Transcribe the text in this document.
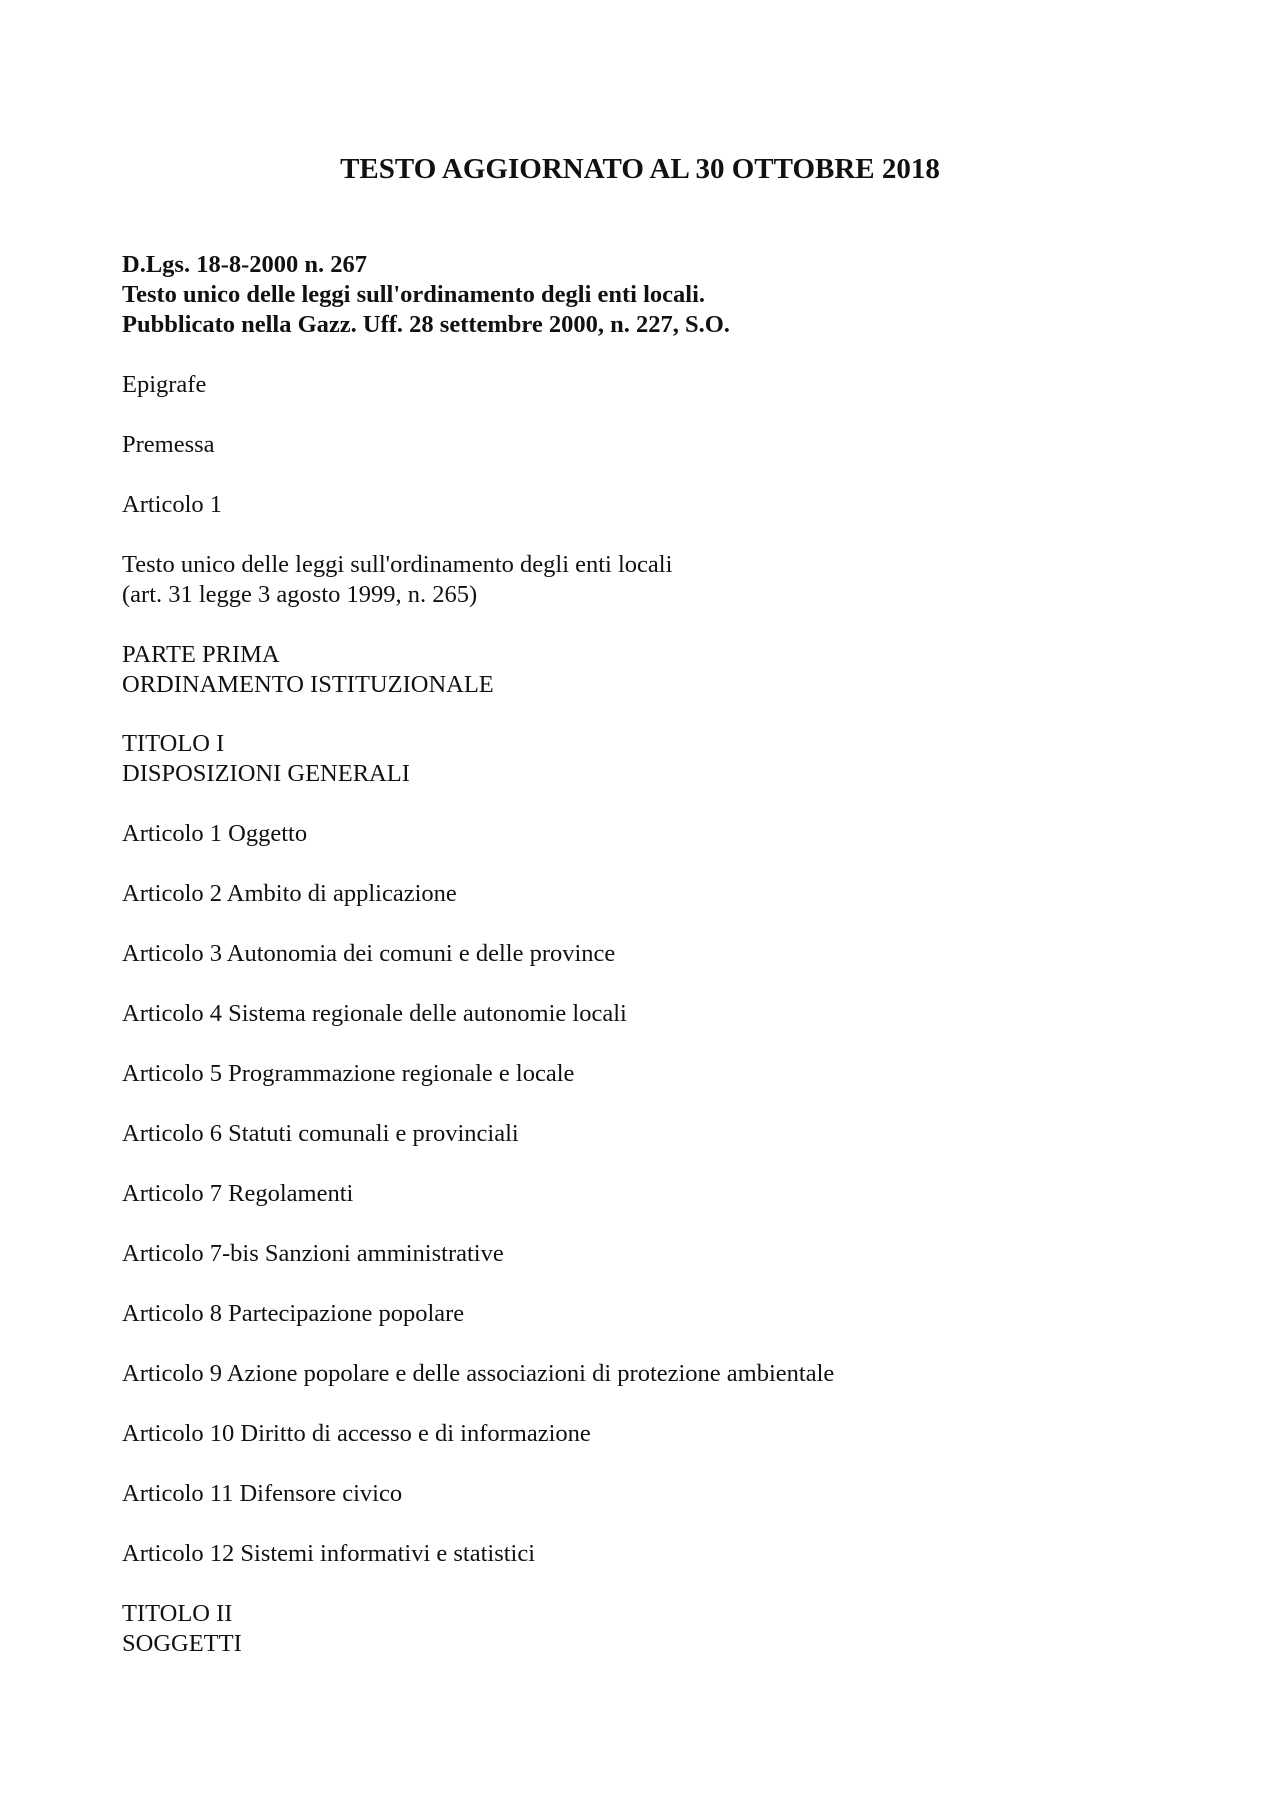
TESTO AGGIORNATO AL 30 OTTOBRE 2018
D.Lgs. 18-8-2000 n. 267
Testo unico delle leggi sull'ordinamento degli enti locali.
Pubblicato nella Gazz. Uff. 28 settembre 2000, n. 227, S.O.
Epigrafe
Premessa
Articolo 1
Testo unico delle leggi sull'ordinamento degli enti locali
(art. 31 legge 3 agosto 1999, n. 265)
PARTE PRIMA
ORDINAMENTO ISTITUZIONALE
TITOLO I
DISPOSIZIONI GENERALI
Articolo 1 Oggetto
Articolo 2 Ambito di applicazione
Articolo 3 Autonomia dei comuni e delle province
Articolo 4 Sistema regionale delle autonomie locali
Articolo 5 Programmazione regionale e locale
Articolo 6 Statuti comunali e provinciali
Articolo 7 Regolamenti
Articolo 7-bis Sanzioni amministrative
Articolo 8 Partecipazione popolare
Articolo 9 Azione popolare e delle associazioni di protezione ambientale
Articolo 10 Diritto di accesso e di informazione
Articolo 11 Difensore civico
Articolo 12 Sistemi informativi e statistici
TITOLO II
SOGGETTI
